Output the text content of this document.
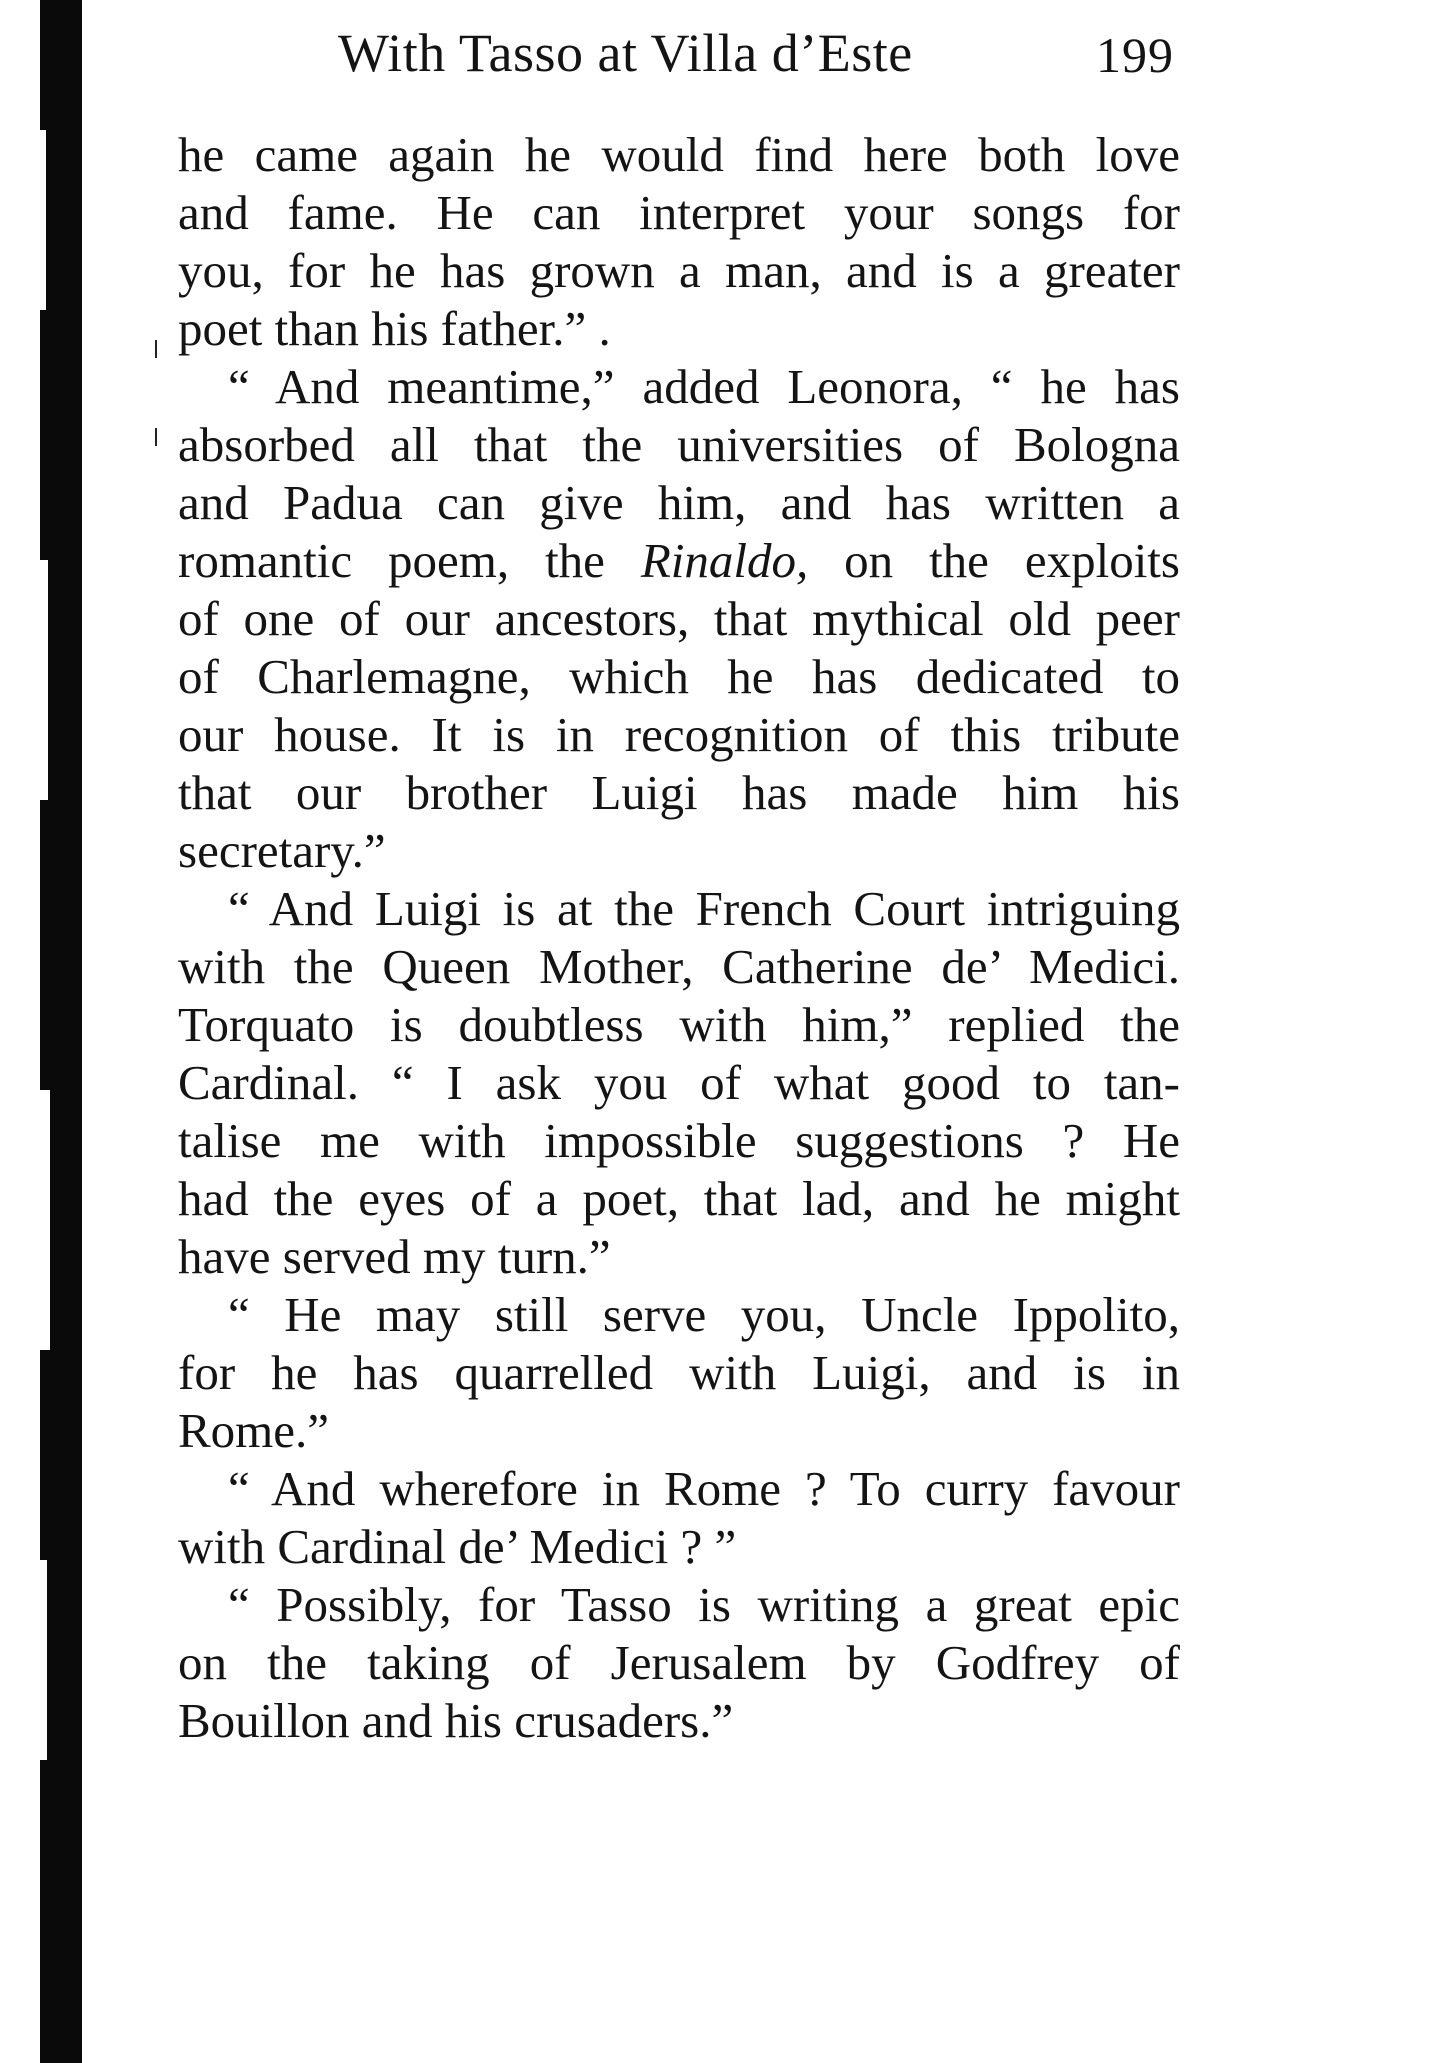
With Tasso at Villa d’Este	199
he came again he would find here both love
and fame. He can interpret your songs for
you, for he has grown a man, and is a greater
poet than his father.” .
“ And meantime,” added Leonora, “ he has
absorbed all that the universities of Bologna
and Padua can give him, and has written a
romantic poem, the Rinaldo, on the exploits
of one of our ancestors, that mythical old peer
of Charlemagne, which he has dedicated to
our house. It is in recognition of this tribute
that our brother Luigi has made him his
secretary.”
“ And Luigi is at the French Court intriguing
with the Queen Mother, Catherine de’ Medici.
Torquato is doubtless with him,” replied the
Cardinal. “ I ask you of what good to tan-
talise me with impossible suggestions ? He
had the eyes of a poet, that lad, and he might
have served my turn.”
“ He may still serve you, Uncle Ippolito,
for he has quarrelled with Luigi, and is in
Rome.”
“ And wherefore in Rome ? To curry favour
with Cardinal de’ Medici ? ”
“ Possibly, for Tasso is writing a great epic
on the taking of Jerusalem by Godfrey of
Bouillon and his crusaders.”
